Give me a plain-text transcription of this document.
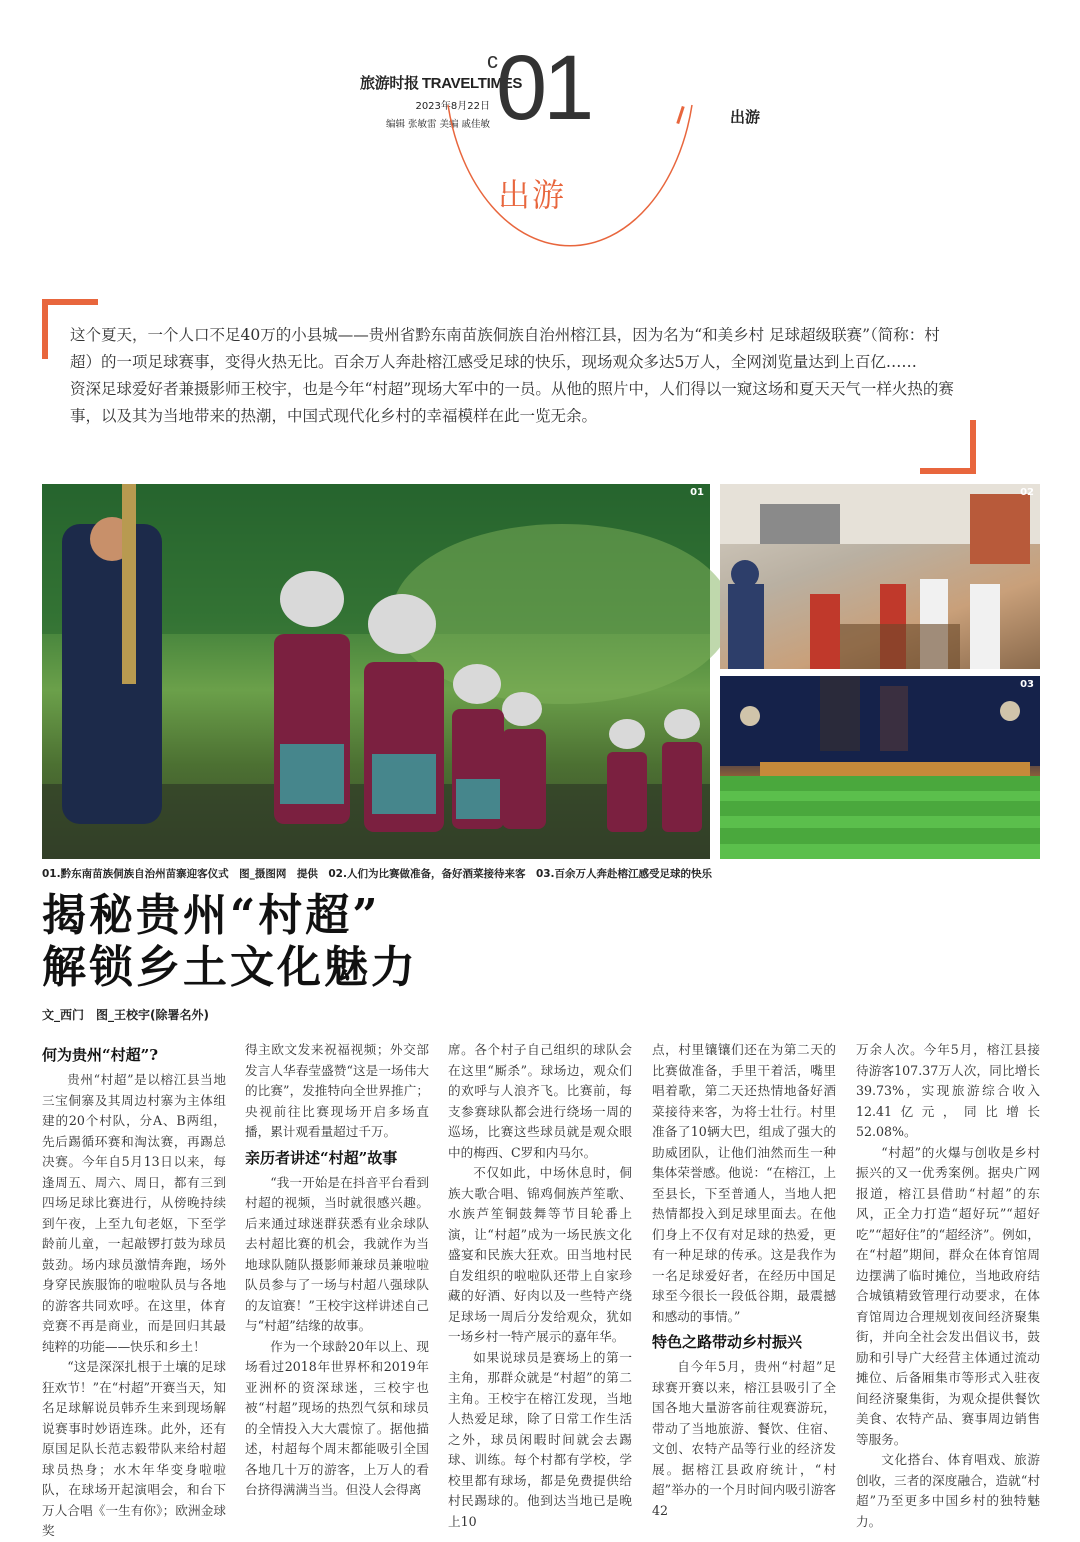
旅游时报 TRAVELTIMES
2023年8月22日
编辑 张敏雷 美编 戚佳敏
c
01	出游
出游

这个夏天，一个人口不足40万的小县城——贵州省黔东南苗族侗族自治州榕江县，因为名为“和美乡村 足球超级联赛”（简称：村超）的一项足球赛事，变得火热无比。百余万人奔赴榕江感受足球的快乐，现场观众多达5万人，全网浏览量达到上百亿……

资深足球爱好者兼摄影师王校宇，也是今年“村超”现场大军中的一员。从他的照片中，人们得以一窥这场和夏天天气一样火热的赛事，以及其为当地带来的热潮，中国式现代化乡村的幸福模样在此一览无余。

01	02
03
01.黔东南苗族侗族自治州苗寨迎客仪式　图_摄图网　提供　02.人们为比赛做准备，备好酒菜接待来客　03.百余万人奔赴榕江感受足球的快乐
揭秘贵州“村超”
解锁乡土文化魅力
文_西门　图_王校宇(除署名外)
何为贵州“村超”?

贵州“村超”是以榕江县当地三宝侗寨及其周边村寨为主体组建的20个村队，分A、B两组，先后踢循环赛和淘汰赛，再踢总决赛。今年自5月13日以来，每逢周五、周六、周日，都有三到四场足球比赛进行，从傍晚持续到午夜，上至九旬老妪，下至学龄前儿童，一起敲锣打鼓为球员鼓劲。场内球员激情奔跑，场外身穿民族服饰的啦啦队员与各地的游客共同欢呼。在这里，体育竞赛不再是商业，而是回归其最纯粹的功能——快乐和乡土！

“这是深深扎根于土壤的足球狂欢节！”在“村超”开赛当天，知名足球解说员韩乔生来到现场解说赛事时妙语连珠。此外，还有原国足队长范志毅带队来给村超球员热身；水木年华变身啦啦队，在球场开起演唱会，和台下万人合唱《一生有你》；欧洲金球奖

得主欧文发来祝福视频；外交部发言人华春莹盛赞“这是一场伟大的比赛”，发推特向全世界推广；央视前往比赛现场开启多场直播，累计观看量超过千万。

亲历者讲述“村超”故事

“我一开始是在抖音平台看到村超的视频，当时就很感兴趣。后来通过球迷群获悉有业余球队去村超比赛的机会，我就作为当地球队随队摄影师兼球员兼啦啦队员参与了一场与村超八强球队的友谊赛！”王校宇这样讲述自己与“村超”结缘的故事。

作为一个球龄20年以上、现场看过2018年世界杯和2019年亚洲杯的资深球迷，三校宇也被“村超”现场的热烈气氛和球员的全情投入大大震惊了。据他描述，村超每个周末都能吸引全国各地几十万的游客，上万人的看台挤得满满当当。但没人会得离

席。各个村子自己组织的球队会在这里“厮杀”。球场边，观众们的欢呼与人浪齐飞。比赛前，每支参赛球队都会进行绕场一周的巡场，比赛这些球员就是观众眼中的梅西、C罗和内马尔。

不仅如此，中场休息时，侗族大歌合唱、锦鸡侗族芦笙歌、水族芦笙铜鼓舞等节目轮番上演，让“村超”成为一场民族文化盛宴和民族大狂欢。田当地村民自发组织的啦啦队还带上自家珍藏的好酒、好肉以及一些特产绕足球场一周后分发给观众，犹如一场乡村一特产展示的嘉年华。

如果说球员是赛场上的第一主角，那群众就是“村超”的第二主角。王校宇在榕江发现，当地人热爱足球，除了日常工作生活之外，球员闲暇时间就会去踢球、训练。每个村都有学校，学校里都有球场，都是免费提供给村民踢球的。他到达当地已是晚上10

点，村里镶镶们还在为第二天的比赛做准备，手里干着活，嘴里唱着歌，第二天还热情地备好酒菜接待来客，为将士壮行。村里准备了10辆大巴，组成了强大的助威团队，让他们油然而生一种集体荣誉感。他说：“在榕江，上至县长，下至普通人，当地人把热情都投入到足球里面去。在他们身上不仅有对足球的热爱，更有一种足球的传承。这是我作为一名足球爱好者，在经历中国足球至今很长一段低谷期，最震撼和感动的事情。”

特色之路带动乡村振兴

自今年5月，贵州“村超”足球赛开赛以来，榕江县吸引了全国各地大量游客前往观赛游玩，带动了当地旅游、餐饮、住宿、文创、农特产品等行业的经济发展。据榕江县政府统计，“村超”举办的一个月时间内吸引游客42

万余人次。今年5月，榕江县接待游客107.37万人次，同比增长39.73%，实现旅游综合收入12.41亿元，同比增长52.08%。

“村超”的火爆与创收是乡村振兴的又一优秀案例。据央广网报道，榕江县借助“村超”的东风，正全力打造“超好玩”“超好吃”“超好住”的“超经济”。例如，在“村超”期间，群众在体育馆周边摆满了临时摊位，当地政府结合城镇精致管理行动要求，在体育馆周边合理规划夜间经济聚集街，并向全社会发出倡议书，鼓励和引导广大经营主体通过流动摊位、后备厢集市等形式入驻夜间经济聚集街，为观众提供餐饮美食、农特产品、赛事周边销售等服务。

文化搭台、体育唱戏、旅游创收，三者的深度融合，造就“村超”乃至更多中国乡村的独特魅力。
